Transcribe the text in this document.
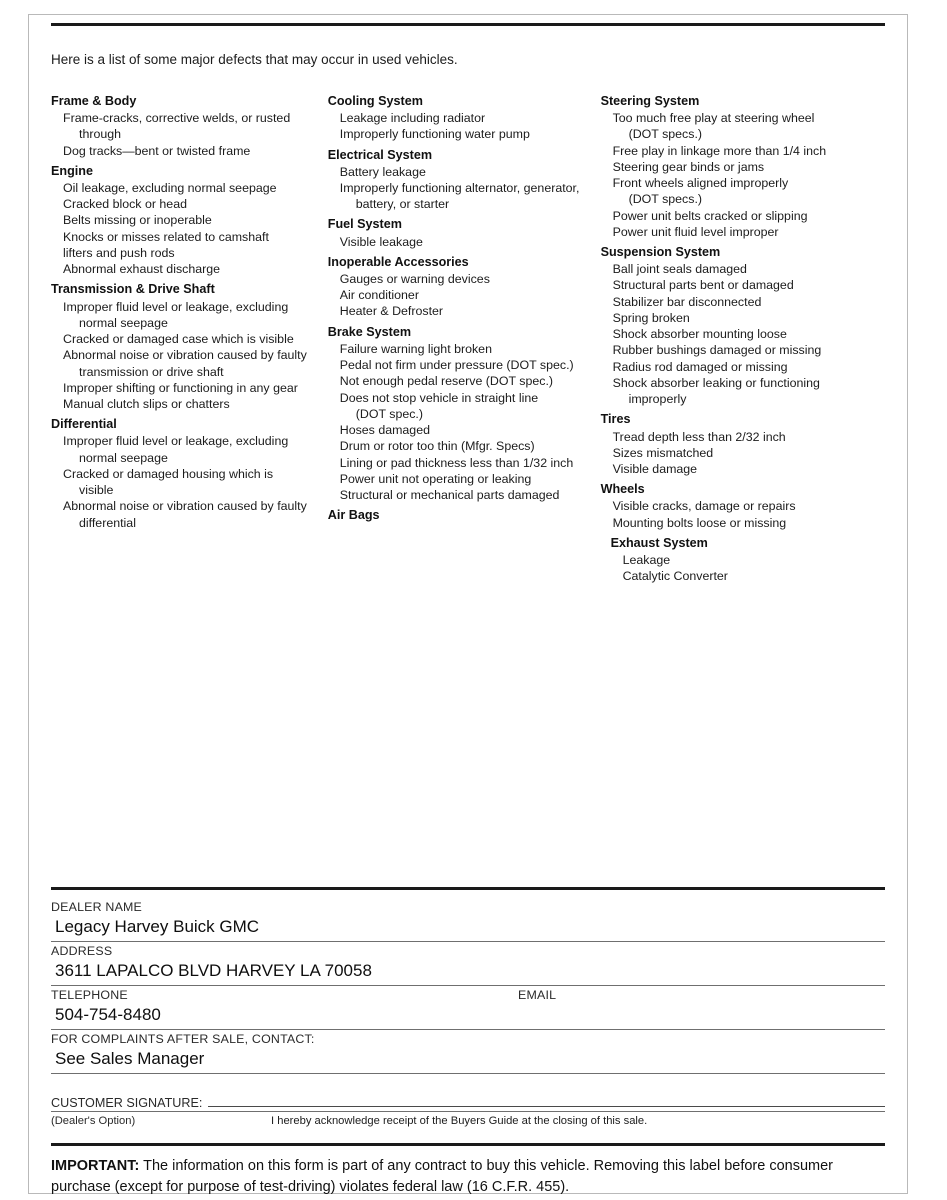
Here is a list of some major defects that may occur in used vehicles.
Frame & Body
Frame-cracks, corrective welds, or rusted
through
Dog tracks—bent or twisted frame
Engine
Oil leakage, excluding normal seepage
Cracked block or head
Belts missing or inoperable
Knocks or misses related to camshaft
lifters and push rods
Abnormal exhaust discharge
Transmission & Drive Shaft
Improper fluid level or leakage, excluding
normal seepage
Cracked or damaged case which is visible
Abnormal noise or vibration caused by faulty
transmission or drive shaft
Improper shifting or functioning in any gear
Manual clutch slips or chatters
Differential
Improper fluid level or leakage, excluding
normal seepage
Cracked or damaged housing which is
visible
Abnormal noise or vibration caused by faulty
differential
Cooling System
Leakage including radiator
Improperly functioning water pump
Electrical System
Battery leakage
Improperly functioning alternator, generator,
battery, or starter
Fuel System
Visible leakage
Inoperable Accessories
Gauges or warning devices
Air conditioner
Heater & Defroster
Brake System
Failure warning light broken
Pedal not firm under pressure (DOT spec.)
Not enough pedal reserve (DOT spec.)
Does not stop vehicle in straight line
(DOT spec.)
Hoses damaged
Drum or rotor too thin (Mfgr. Specs)
Lining or pad thickness less than 1/32 inch
Power unit not operating or leaking
Structural or mechanical parts damaged
Air Bags
Steering System
Too much free play at steering wheel
(DOT specs.)
Free play in linkage more than 1/4 inch
Steering gear binds or jams
Front wheels aligned improperly
(DOT specs.)
Power unit belts cracked or slipping
Power unit fluid level improper
Suspension System
Ball joint seals damaged
Structural parts bent or damaged
Stabilizer bar disconnected
Spring broken
Shock absorber mounting loose
Rubber bushings damaged or missing
Radius rod damaged or missing
Shock absorber leaking or functioning
improperly
Tires
Tread depth less than 2/32 inch
Sizes mismatched
Visible damage
Wheels
Visible cracks, damage or repairs
Mounting bolts loose or missing
Exhaust System
Leakage
Catalytic Converter
DEALER NAME
Legacy Harvey Buick GMC
ADDRESS
3611 LAPALCO BLVD HARVEY LA 70058
TELEPHONE	EMAIL
504-754-8480

FOR COMPLAINTS AFTER SALE, CONTACT:
See Sales Manager
CUSTOMER SIGNATURE:
(Dealer's Option)	I hereby acknowledge receipt of the Buyers Guide at the closing of this sale.
IMPORTANT: The information on this form is part of any contract to buy this vehicle. Removing this label before consumer purchase (except for purpose of test-driving) violates federal law (16 C.F.R. 455).
